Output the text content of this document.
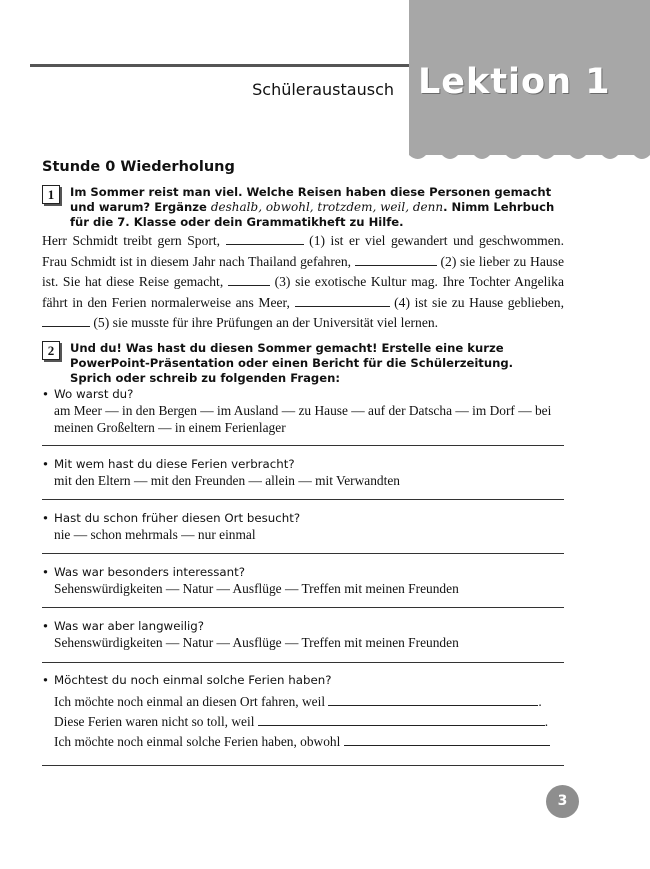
Lektion 1
Schüleraustausch
Stunde 0 Wiederholung
1	Im Sommer reist man viel. Welche Reisen haben diese Personen gemacht und warum? Ergänze deshalb, obwohl, trotzdem, weil, denn. Nimm Lehrbuch für die 7. Klasse oder dein Grammatikheft zu Hilfe.
Herr Schmidt treibt gern Sport,	(1) ist er viel gewandert und geschwommen. Frau Schmidt ist in diesem Jahr nach Thailand gefahren,	(2) sie lieber zu Hause ist. Sie hat diese Reise gemacht,	(3) sie exotische Kultur mag. Ihre Tochter Angelika fährt in den Ferien normalerweise ans Meer,	(4) ist sie zu Hause geblieben,  (5) sie musste für ihre Prüfungen an der Universität viel lernen.
2	Und du! Was hast du diesen Sommer gemacht! Erstelle eine kurze PowerPoint-Präsentation oder einen Bericht für die Schülerzeitung. Sprich oder schreib zu folgenden Fragen:
• Wo warst du?
am Meer — in den Bergen — im Ausland — zu Hause — auf der Datscha — im Dorf — bei meinen Großeltern — in einem Ferienlager
• Mit wem hast du diese Ferien verbracht?
mit den Eltern — mit den Freunden — allein — mit Verwandten
• Hast du schon früher diesen Ort besucht?
nie — schon mehrmals — nur einmal
• Was war besonders interessant?
Sehenswürdigkeiten — Natur — Ausflüge — Treffen mit meinen Freunden
• Was war aber langweilig?
Sehenswürdigkeiten — Natur — Ausflüge — Treffen mit meinen Freunden
• Möchtest du noch einmal solche Ferien haben?
Ich möchte noch einmal an diesen Ort fahren, weil	.
Diese Ferien waren nicht so toll, weil	.
Ich möchte noch einmal solche Ferien haben, obwohl
3
